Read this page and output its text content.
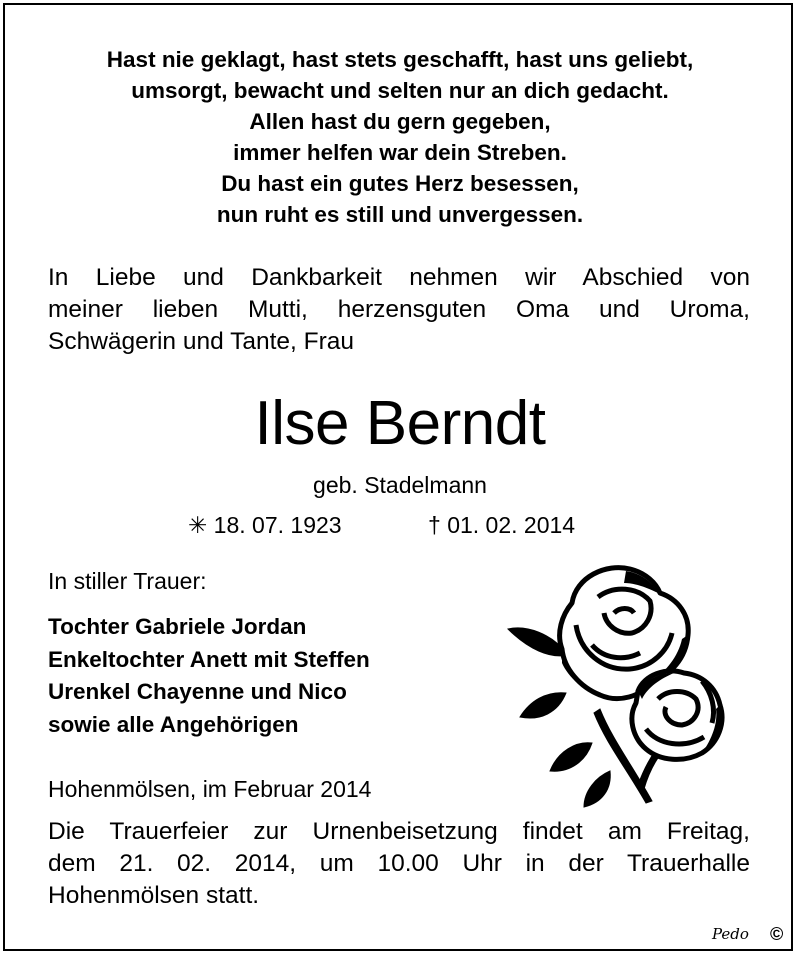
Hast nie geklagt, hast stets geschafft, hast uns geliebt,
umsorgt, bewacht und selten nur an dich gedacht.
Allen hast du gern gegeben,
immer helfen war dein Streben.
Du hast ein gutes Herz besessen,
nun ruht es still und unvergessen.
In Liebe und Dankbarkeit nehmen wir Abschied von
meiner lieben Mutti, herzensguten Oma und Uroma,
Schwägerin und Tante, Frau
Ilse Berndt
geb. Stadelmann
✳ 18. 07. 1923	† 01. 02. 2014
In stiller Trauer:
Tochter Gabriele Jordan
Enkeltochter Anett mit Steffen
Urenkel Chayenne und Nico
sowie alle Angehörigen
Hohenmölsen, im Februar 2014
Die Trauerfeier zur Urnenbeisetzung findet am Freitag,
dem 21. 02. 2014, um 10.00 Uhr in der Trauerhalle
Hohenmölsen statt.
Pedo ©
